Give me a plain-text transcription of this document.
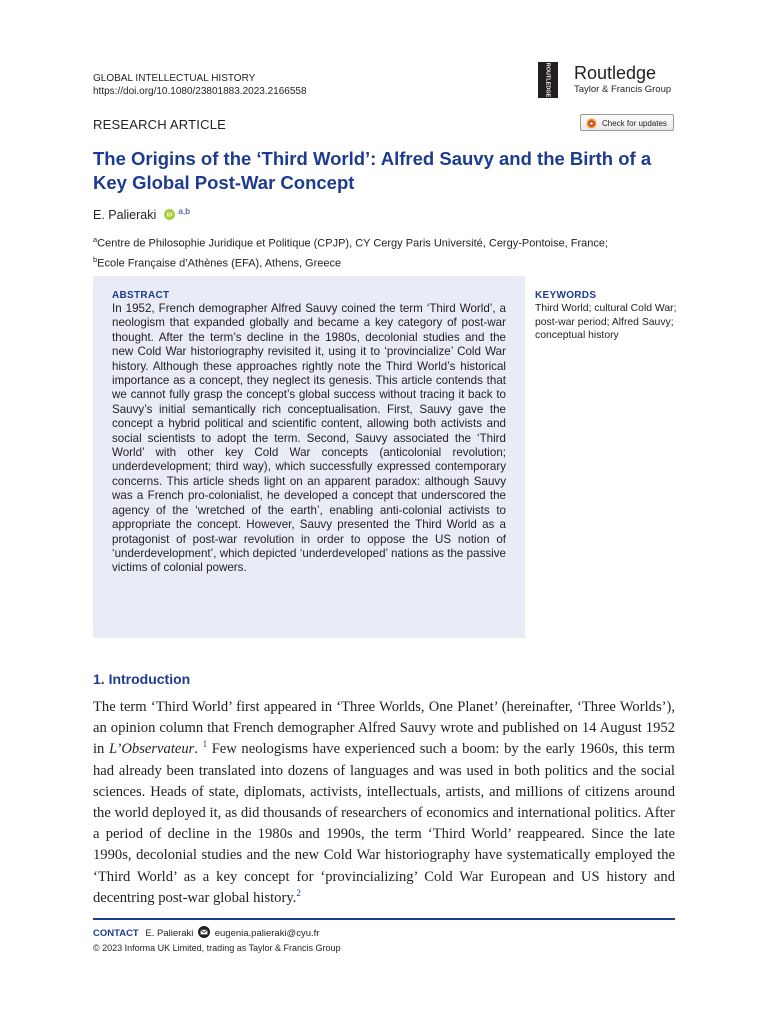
GLOBAL INTELLECTUAL HISTORY
https://doi.org/10.1080/23801883.2023.2166558	ROUTLEDGE Routledge
Taylor & Francis Group
RESEARCH ARTICLE	Check for updates
The Origins of the ‘Third World’: Alfred Sauvy and the Birth of a Key Global Post-War Concept
E. Palieraki iD $^{a,b}$
$^a$Centre de Philosophie Juridique et Politique (CPJP), CY Cergy Paris Université, Cergy-Pontoise, France;
$^b$Ecole Française d’Athènes (EFA), Athens, Greece
ABSTRACT

In 1952, French demographer Alfred Sauvy coined the term ‘Third World’, a neologism that expanded globally and became a key category of post-war thought. After the term’s decline in the 1980s, decolonial studies and the new Cold War historiography revisited it, using it to ‘provincialize’ Cold War history. Although these approaches rightly note the Third World’s historical importance as a concept, they neglect its genesis. This article contends that we cannot fully grasp the concept’s global success without tracing it back to Sauvy’s initial semantically rich conceptualisation. First, Sauvy gave the concept a hybrid political and scientific content, allowing both activists and social scientists to adopt the term. Second, Sauvy associated the ‘Third World’ with other key Cold War concepts (anticolonial revolution; underdevelopment; third way), which successfully expressed contemporary concerns. This article sheds light on an apparent paradox: although Sauvy was a French pro-colonialist, he developed a concept that underscored the agency of the ‘wretched of the earth’, enabling anti-colonial activists to appropriate the concept. However, Sauvy presented the Third World as a protagonist of post-war revolution in order to oppose the US notion of ‘underdevelopment’, which depicted ‘underdeveloped’ nations as the passive victims of colonial powers.

KEYWORDS

Third World; cultural Cold War; post-war period; Alfred Sauvy; conceptual history

1. Introduction

The term ‘Third World’ first appeared in ‘Three Worlds, One Planet’ (hereinafter, ‘Three Worlds’), an opinion column that French demographer Alfred Sauvy wrote and published on 14 August 1952 in L’Observateur. $^1$ Few neologisms have experienced such a boom: by the early 1960s, this term had already been translated into dozens of languages and was used in both politics and the social sciences. Heads of state, diplomats, activists, intellectuals, artists, and millions of citizens around the world deployed it, as did thousands of researchers of economics and international politics. After a period of decline in the 1980s and 1990s, the term ‘Third World’ reappeared. Since the late 1990s, decolonial studies and the new Cold War historiography have systematically employed the ‘Third World’ as a key concept for ‘provincializing’ Cold War European and US history and decentring post-war global history.$^2$

CONTACT E. Palieraki eugenia.palieraki@cyu.fr
© 2023 Informa UK Limited, trading as Taylor & Francis Group
